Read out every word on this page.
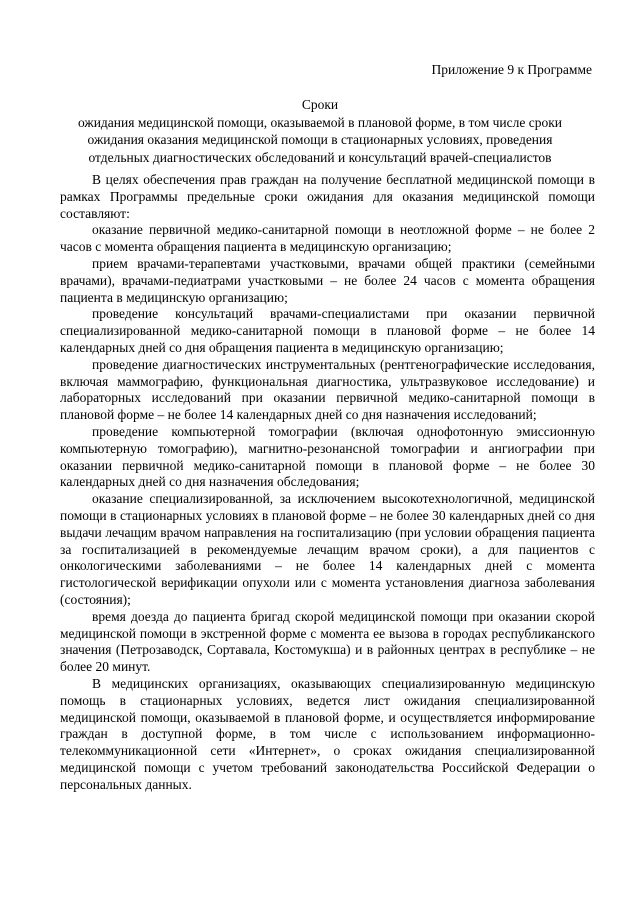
Приложение 9 к Программе
Сроки
ожидания медицинской помощи, оказываемой в плановой форме, в том числе сроки
ожидания оказания медицинской помощи в стационарных условиях, проведения
отдельных диагностических обследований и консультаций врачей-специалистов

В целях обеспечения прав граждан на получение бесплатной медицинской помощи в рамках Программы предельные сроки ожидания для оказания медицинской помощи составляют:

оказание первичной медико-санитарной помощи в неотложной форме – не более 2 часов с момента обращения пациента в медицинскую организацию;

прием врачами-терапевтами участковыми, врачами общей практики (семейными врачами), врачами-педиатрами участковыми – не более 24 часов с момента обращения пациента в медицинскую организацию;

проведение консультаций врачами-специалистами при оказании первичной специализированной медико-санитарной помощи в плановой форме – не более 14 календарных дней со дня обращения пациента в медицинскую организацию;

проведение диагностических инструментальных (рентгенографические исследования, включая маммографию, функциональная диагностика, ультразвуковое исследование) и лабораторных исследований при оказании первичной медико-санитарной помощи в плановой форме – не более 14 календарных дней со дня назначения исследований;

проведение компьютерной томографии (включая однофотонную эмиссионную компьютерную томографию), магнитно-резонансной томографии и ангиографии при оказании первичной медико-санитарной помощи в плановой форме – не более 30 календарных дней со дня назначения обследования;

оказание специализированной, за исключением высокотехнологичной, медицинской помощи в стационарных условиях в плановой форме – не более 30 календарных дней со дня выдачи лечащим врачом направления на госпитализацию (при условии обращения пациента за госпитализацией в рекомендуемые лечащим врачом сроки), а для пациентов с онкологическими заболеваниями – не более 14 календарных дней с момента гистологической верификации опухоли или с момента установления диагноза заболевания (состояния);

время доезда до пациента бригад скорой медицинской помощи при оказании скорой медицинской помощи в экстренной форме с момента ее вызова в городах республиканского значения (Петрозаводск, Сортавала, Костомукша) и в районных центрах в республике – не более 20 минут.

В медицинских организациях, оказывающих специализированную медицинскую помощь в стационарных условиях, ведется лист ожидания специализированной медицинской помощи, оказываемой в плановой форме, и осуществляется информирование граждан в доступной форме, в том числе с использованием информационно-телекоммуникационной сети «Интернет», о сроках ожидания специализированной медицинской помощи с учетом требований законодательства Российской Федерации о персональных данных.
